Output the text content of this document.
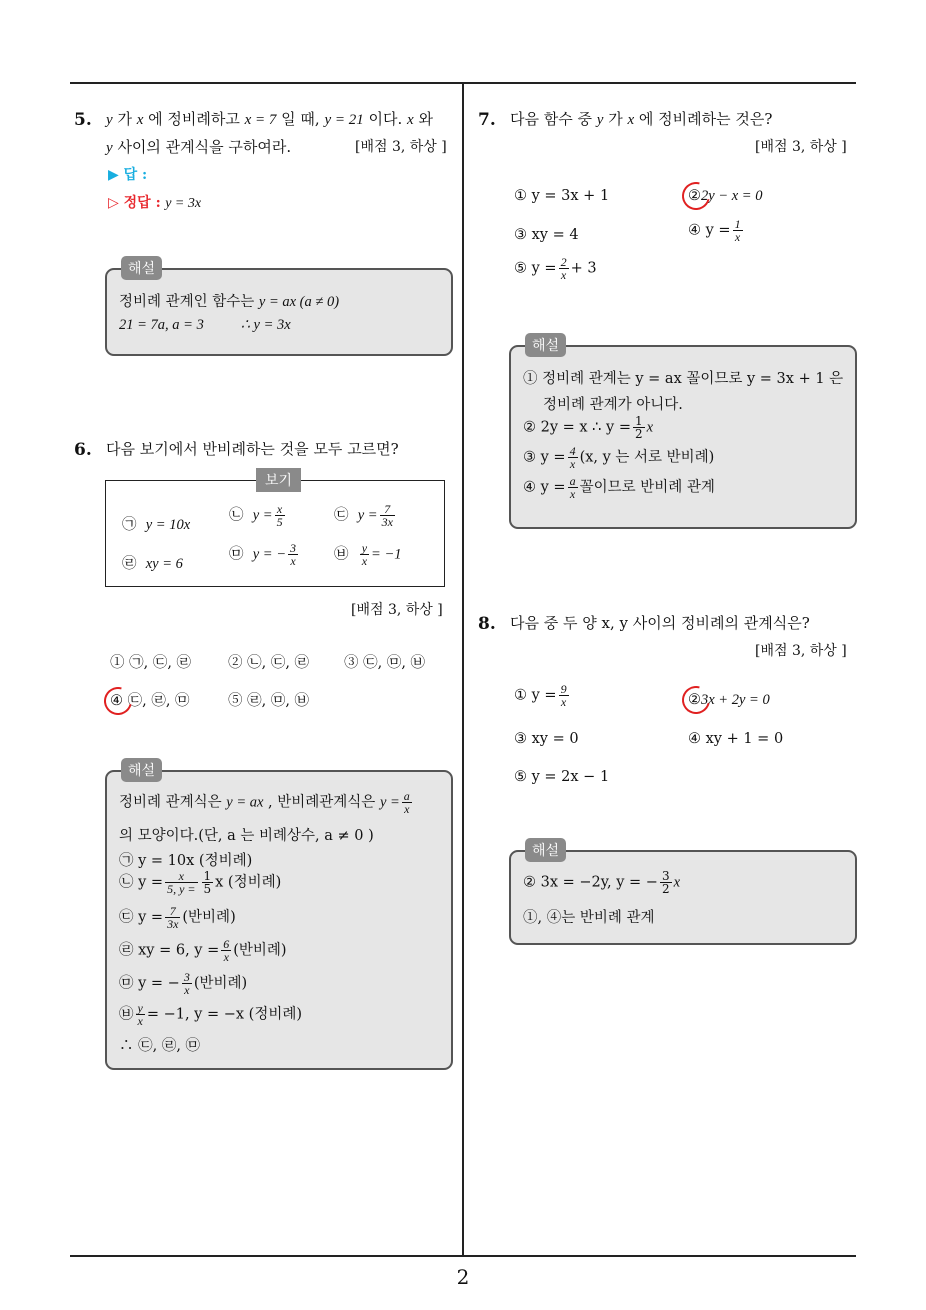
2
5. y 가 x 에 정비례하고 x = 7 일 때, y = 21 이다. x 와
y 사이의 관계식을 구하여라.	[배점 3, 하상 ]
▶ 답 :
▷ 정답 : y = 3x
해설
정비례 관계인 함수는 y = ax (a ≠ 0)
21 = 7a, a = 3	∴ y = 3x
6. 다음 보기에서 반비례하는 것을 모두 고르면?
보기
㉠ y = 10x
㉡ $y = \frac{x}{5}$	㉢ $y = \frac{7}{3x}$
㉣ xy = 6
㉤ y = − $\frac{3}{x}$ ㉥ $\frac{y}{x} = -1$
[배점 3, 하상 ]
① ㉠, ㉢, ㉣	② ㉡, ㉢, ㉣ ③ ㉢, ㉤, ㉥
④ ㉢, ㉣, ㉤	⑤ ㉣, ㉤, ㉥
해설
정비례 관계식은 y = ax , 반비례관계식은 $y = \frac{a}{x}$
의 모양이다.(단, a 는 비례상수, a ≠ 0 )
㉠ y = 10x (정비례)
㉡ $y = \frac{x}{5, y =} \frac{1}{5}$ x (정비례)
㉢ $y = \frac{7}{3x}$ (반비례)
㉣ xy = 6, $y = \frac{6}{x}$ (반비례)
㉤ y = − $\frac{3}{x}$ (반비례)
㉥ $\frac{y}{x} = -1$, y = −x (정비례)
∴ ㉢, ㉣, ㉤
7. 다음 함수 중 y 가 x 에 정비례하는 것은?
[배점 3, 하상 ]
① y = 3x + 1	②2y − x = 0
③ xy = 4	④ $y = \frac{1}{x}$
⑤ $y = \frac{2}{x} + 3$
해설
① 정비례 관계는 y = ax 꼴이므로 y = 3x + 1 은
정비례 관계가 아니다.
② 2y = x ∴ $y = \frac{1}{2}$ x
③ $y = \frac{4}{x} (x$, y 는 서로 반비례)
④ $y = \frac{a}{x}$ 꼴이므로 반비례 관계
8. 다음 중 두 양 x, y 사이의 정비례의 관계식은?
[배점 3, 하상 ]
① $y = \frac{9}{x}$	②3x + 2y = 0
③ xy = 0	④ xy + 1 = 0
⑤ y = 2x − 1
해설
② 3x = −2y, y = − $\frac{3}{2}$ x
①, ④는 반비례 관계
